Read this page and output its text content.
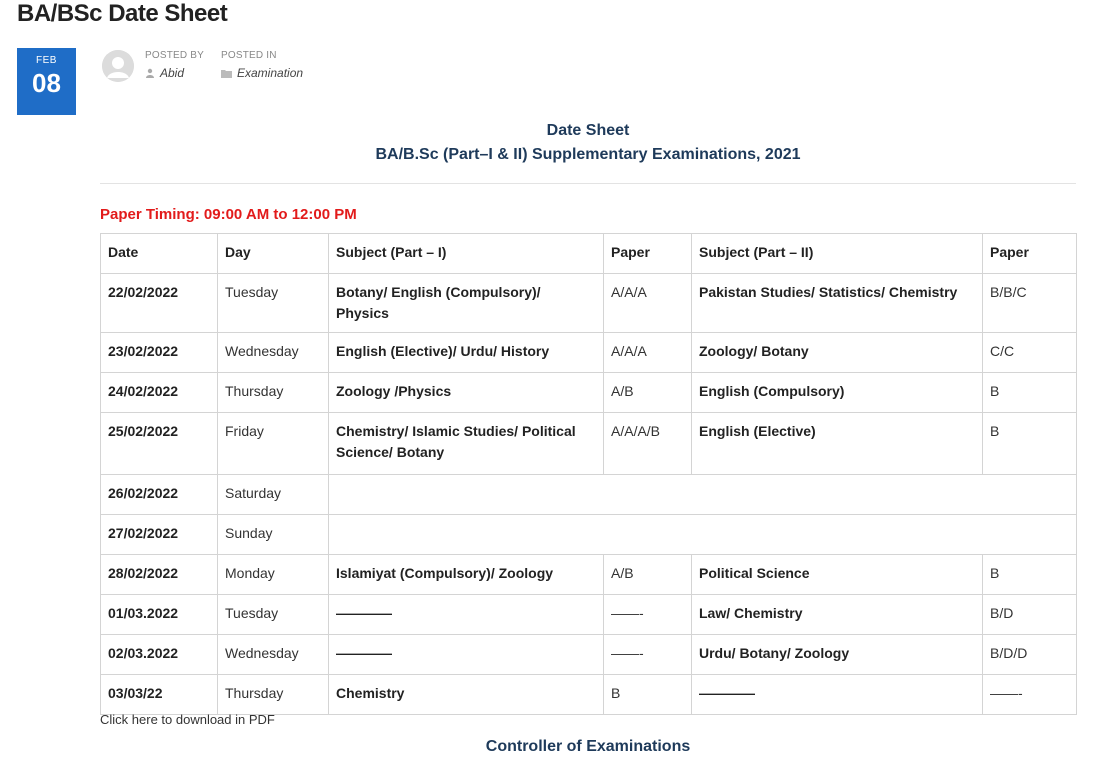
BA/BSc Date Sheet
FEB
08
POSTED BY
Abid
POSTED IN
Examination
Date Sheet
BA/B.Sc (Part–I & II) Supplementary Examinations, 2021
Paper Timing: 09:00 AM to 12:00 PM
Date	Day	Subject (Part – I)	Paper	Subject (Part – II)	Paper
22/02/2022	Tuesday	Botany/ English (Compulsory)/ Physics	A/A/A	Pakistan Studies/ Statistics/ Chemistry	B/B/C
23/02/2022	Wednesday	English (Elective)/ Urdu/ History	A/A/A	Zoology/ Botany	C/C
24/02/2022	Thursday	Zoology /Physics	A/B	English (Compulsory)	B
25/02/2022	Friday	Chemistry/ Islamic Studies/ Political Science/ Botany	A/A/A/B	English (Elective)	B
26/02/2022	Saturday				
27/02/2022	Sunday				
28/02/2022	Monday	Islamiyat (Compulsory)/ Zoology	A/B	Political Science	B
01/03.2022	Tuesday	————	——-	Law/ Chemistry	B/D
02/03.2022	Wednesday	————	——-	Urdu/ Botany/ Zoology	B/D/D
03/03/22	Thursday	Chemistry	B	————	——-
Click here to download in PDF
Controller of Examinations
